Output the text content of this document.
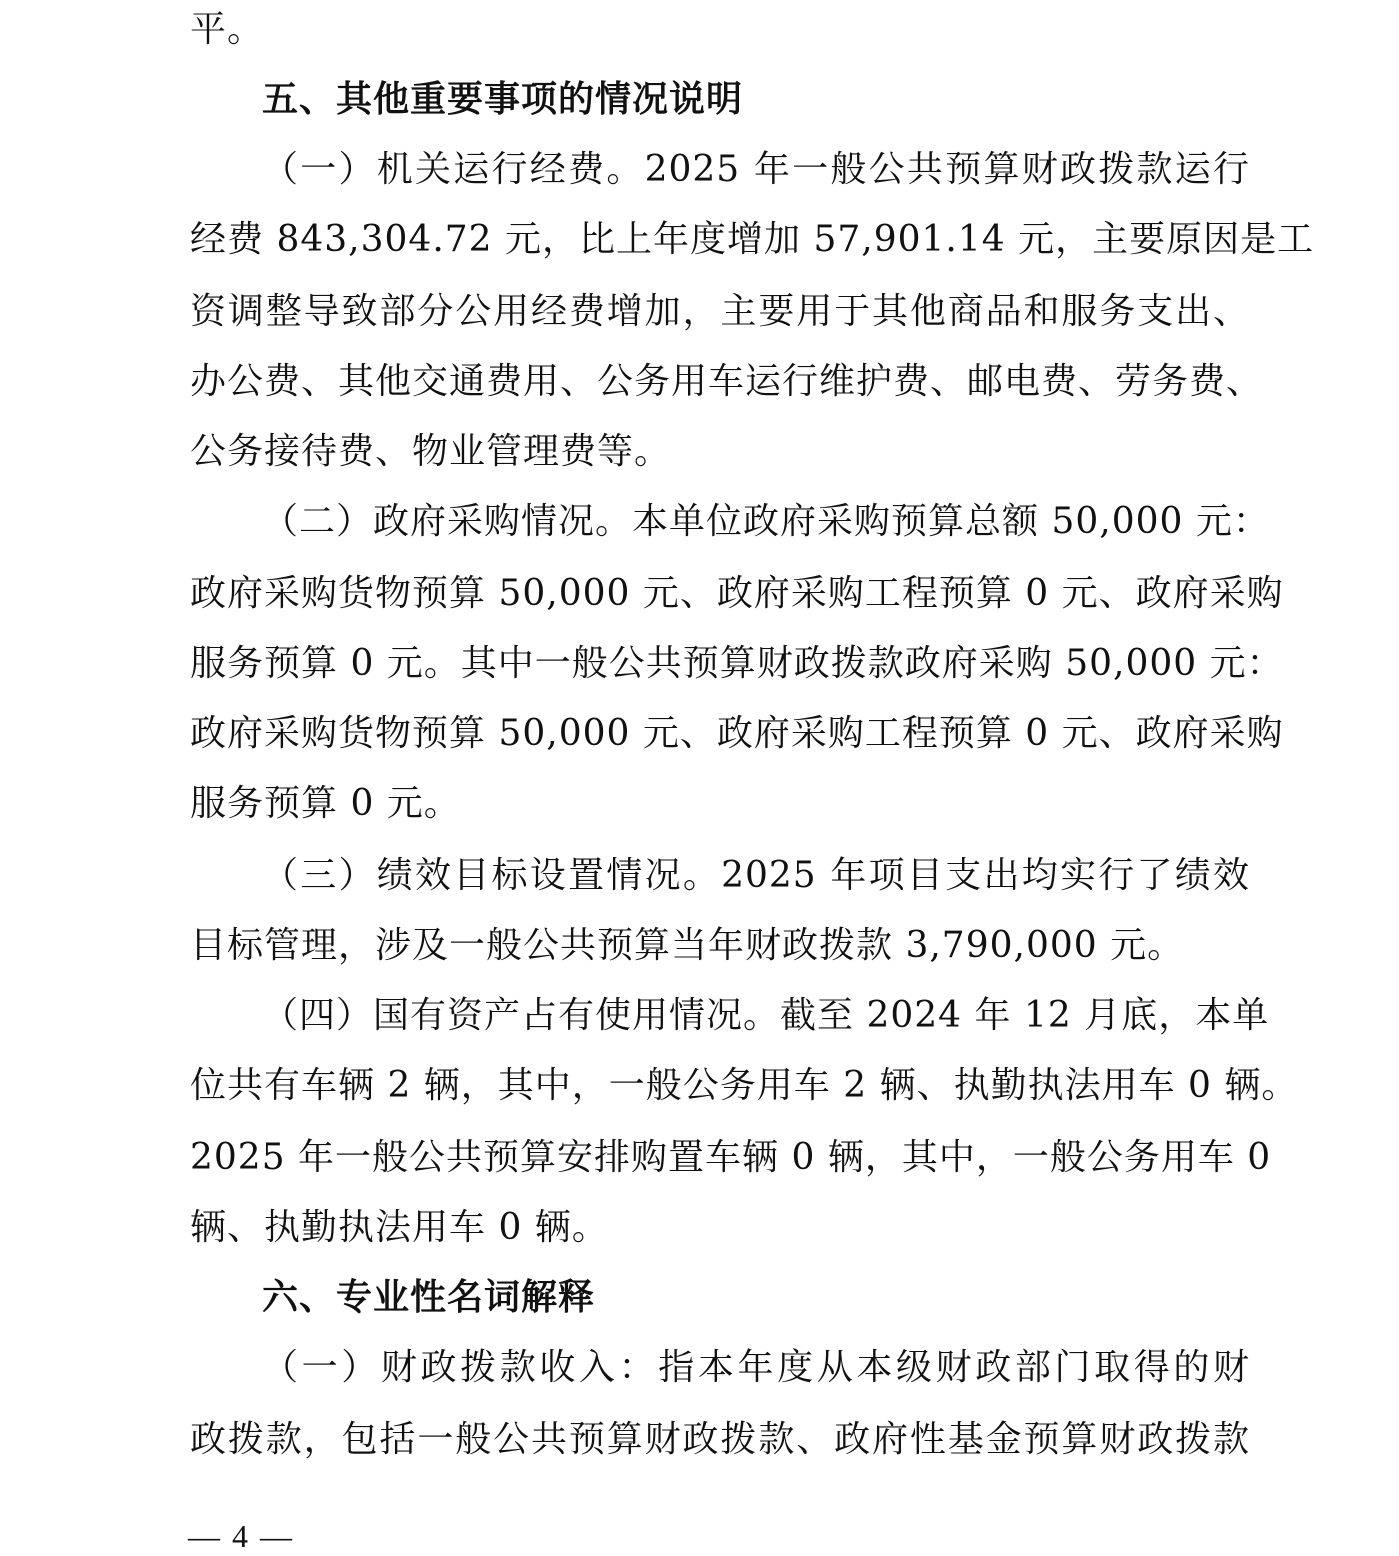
平。
五、其他重要事项的情况说明
（一）机关运行经费。2025 年一般公共预算财政拨款运行
经费 843,304.72 元，比上年度增加 57,901.14 元，主要原因是工
资调整导致部分公用经费增加，主要用于其他商品和服务支出、
办公费、其他交通费用、公务用车运行维护费、邮电费、劳务费、
公务接待费、物业管理费等。
（二）政府采购情况。本单位政府采购预算总额 50,000 元：
政府采购货物预算 50,000 元、政府采购工程预算 0 元、政府采购
服务预算 0 元。其中一般公共预算财政拨款政府采购 50,000 元：
政府采购货物预算 50,000 元、政府采购工程预算 0 元、政府采购
服务预算 0 元。
（三）绩效目标设置情况。2025 年项目支出均实行了绩效
目标管理，涉及一般公共预算当年财政拨款 3,790,000 元。
（四）国有资产占有使用情况。截至 2024 年 12 月底，本单
位共有车辆 2 辆，其中，一般公务用车 2 辆、执勤执法用车 0 辆。
2025 年一般公共预算安排购置车辆 0 辆，其中，一般公务用车 0
辆、执勤执法用车 0 辆。
六、专业性名词解释
（一）财政拨款收入：指本年度从本级财政部门取得的财
政拨款，包括一般公共预算财政拨款、政府性基金预算财政拨款
— 4 —
